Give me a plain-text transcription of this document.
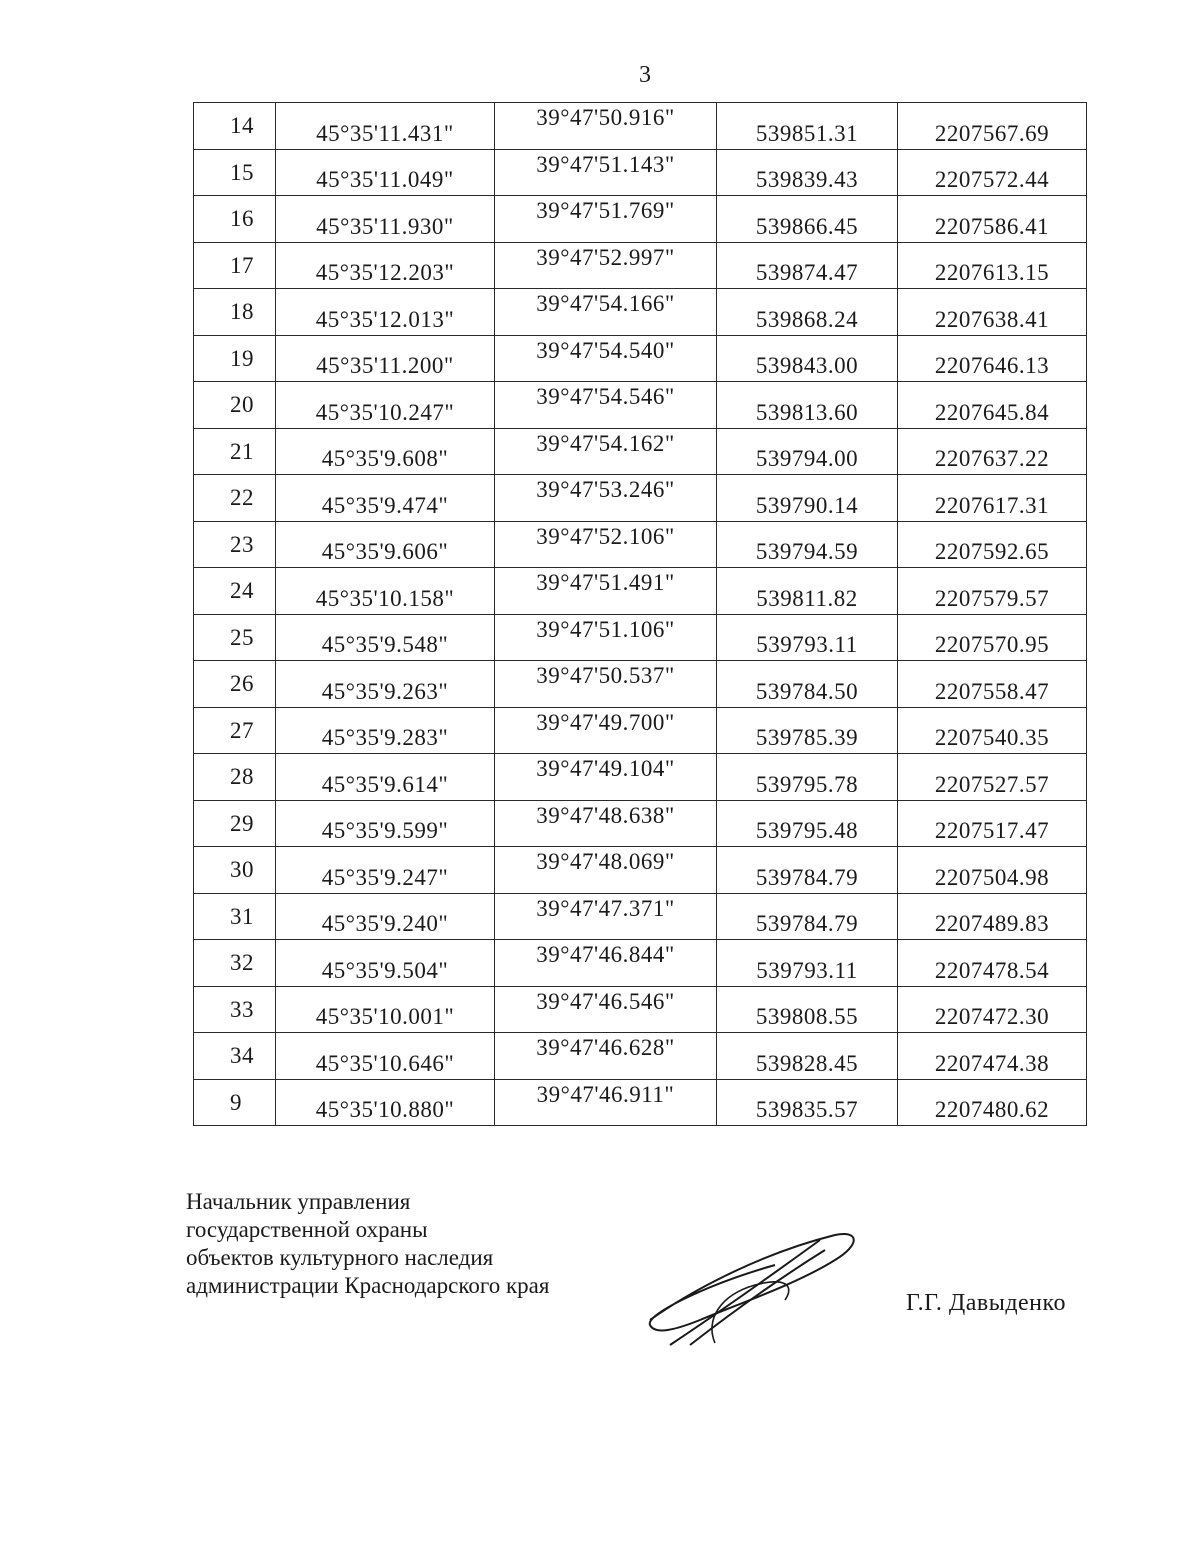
3
14	45°35'11.431"	39°47'50.916"	539851.31	2207567.69
15	45°35'11.049"	39°47'51.143"	539839.43	2207572.44
16	45°35'11.930"	39°47'51.769"	539866.45	2207586.41
17	45°35'12.203"	39°47'52.997"	539874.47	2207613.15
18	45°35'12.013"	39°47'54.166"	539868.24	2207638.41
19	45°35'11.200"	39°47'54.540"	539843.00	2207646.13
20	45°35'10.247"	39°47'54.546"	539813.60	2207645.84
21	45°35'9.608"	39°47'54.162"	539794.00	2207637.22
22	45°35'9.474"	39°47'53.246"	539790.14	2207617.31
23	45°35'9.606"	39°47'52.106"	539794.59	2207592.65
24	45°35'10.158"	39°47'51.491"	539811.82	2207579.57
25	45°35'9.548"	39°47'51.106"	539793.11	2207570.95
26	45°35'9.263"	39°47'50.537"	539784.50	2207558.47
27	45°35'9.283"	39°47'49.700"	539785.39	2207540.35
28	45°35'9.614"	39°47'49.104"	539795.78	2207527.57
29	45°35'9.599"	39°47'48.638"	539795.48	2207517.47
30	45°35'9.247"	39°47'48.069"	539784.79	2207504.98
31	45°35'9.240"	39°47'47.371"	539784.79	2207489.83
32	45°35'9.504"	39°47'46.844"	539793.11	2207478.54
33	45°35'10.001"	39°47'46.546"	539808.55	2207472.30
34	45°35'10.646"	39°47'46.628"	539828.45	2207474.38
9	45°35'10.880"	39°47'46.911"	539835.57	2207480.62
Начальник управления
государственной охраны
объектов культурного наследия
администрации Краснодарского края
Г.Г. Давыденко
